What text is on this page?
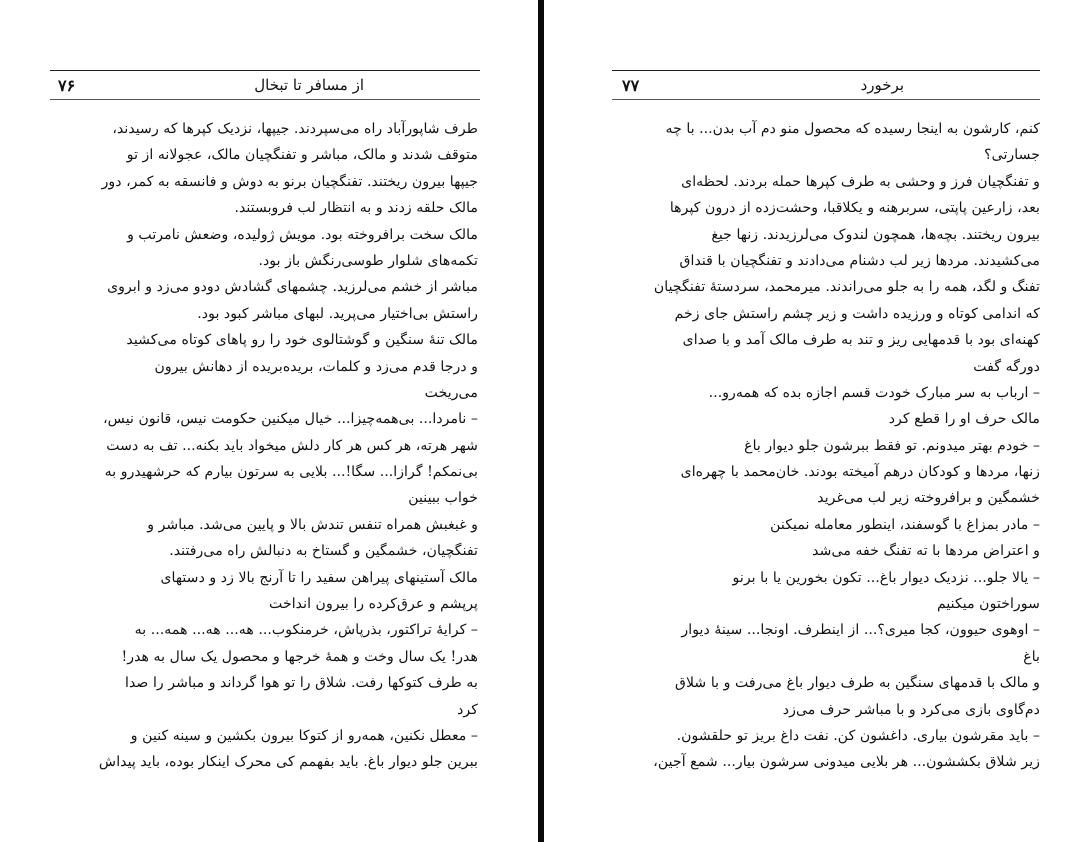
۷۶	از مسافر تا تبخال
طرف شاپورآباد راه می‌سپردند. جیپها، نزدیک کپرها که رسیدند،
متوقف شدند و مالک، مباشر و تفنگچیان مالک، عجولانه از تو
جیپها بیرون ریختند. تفنگچیان برنو به دوش و فانسقه به کمر، دور
مالک حلقه زدند و به انتظار لب فروبستند.
مالک سخت برافروخته بود. مویش ژولیده، وضعش نامرتب و
تکمه‌های شلوار طوسی‌رنگش باز بود.
مباشر از خشم می‌لرزید. چشمهای گشادش دودو می‌زد و ابروی
راستش بی‌اختیار می‌پرید. لبهای مباشر کبود بود.
مالک تنهٔ سنگین و گوشتالوی خود را رو پاهای کوتاه می‌کشید
و درجا قدم می‌زد و کلمات، بریده‌بریده از دهانش بیرون
می‌ریخت
– نامردا... بی‌همه‌چیزا... خیال میکنین حکومت نیس، قانون نیس،
شهر هرته، هر کس هر کار دلش میخواد باید بکنه... تف به دست
بی‌نمکم! گرازا... سگا!... بلایی به سرتون بیارم که حرشهیدرو به
خواب ببینین
و غبغبش همراه تنفس تندش بالا و پایین می‌شد. مباشر و
تفنگچیان، خشمگین و گستاخ به دنبالش راه می‌رفتند.
مالک آستینهای پیراهن سفید را تا آرنج بالا زد و دستهای
پرپشم و عرق‌کرده را بیرون انداخت
– کرایهٔ تراکتور، بذرپاش، خرمنکوب... هه... هه... همه... به
هدر! یک سال وخت و همهٔ خرجها و محصول یک سال به هدر!
به طرف کتوکها رفت. شلاق را تو هوا گرداند و مباشر را صدا
کرد
– معطل نکنین، همه‌رو از کتوکا بیرون بکشین و سینه کنین و
ببرین جلو دیوار باغ. باید بفهمم کی محرک اینکار بوده، باید پیداش
۷۷	برخورد
کنم، کارشون به اینجا رسیده که محصول منو دم آب بدن... با چه
جسارتی؟
و تفنگچیان فرز و وحشی به طرف کپرها حمله بردند. لحظه‌ای
بعد، زارعین پاپتی، سربرهنه و یکلاقبا، وحشت‌زده از درون کپرها
بیرون ریختند. بچه‌ها، همچون لندوک می‌لرزیدند. زنها جیغ
می‌کشیدند. مردها زیر لب دشنام می‌دادند و تفنگچیان با قنداق
تفنگ و لگد، همه را به جلو می‌راندند. میرمحمد، سردستهٔ تفنگچیان
که اندامی کوتاه و ورزیده داشت و زیر چشم راستش جای زخم
کهنه‌ای بود با قدمهایی ریز و تند به طرف مالک آمد و با صدای
دورگه گفت
– ارباب به سر مبارک خودت قسم اجازه بده که همه‌رو...
مالک حرف او را قطع کرد
– خودم بهتر میدونم. تو فقط ببرشون جلو دیوار باغ
زنها، مردها و کودکان درهم آمیخته بودند. خان‌محمد با چهره‌ای
خشمگین و برافروخته زیر لب می‌غرید
– مادر بمزاغ با گوسفند، اینطور معامله نمیکنن
و اعتراض مردها با ته تفنگ خفه می‌شد
– یالا جلو... نزدیک دیوار باغ... تکون بخورین یا با برنو
سوراختون میکنیم
– اوهوی حیوون، کجا میری؟... از اینطرف. اونجا... سینهٔ دیوار
باغ
و مالک با قدمهای سنگین به طرف دیوار باغ می‌رفت و با شلاق
دم‌گاوی بازی می‌کرد و با مباشر حرف می‌زد
– باید مقرشون بیاری. داغشون کن. نفت داغ بریز تو حلقشون.
زیر شلاق بکششون... هر بلایی میدونی سرشون بیار... شمع آجین،
